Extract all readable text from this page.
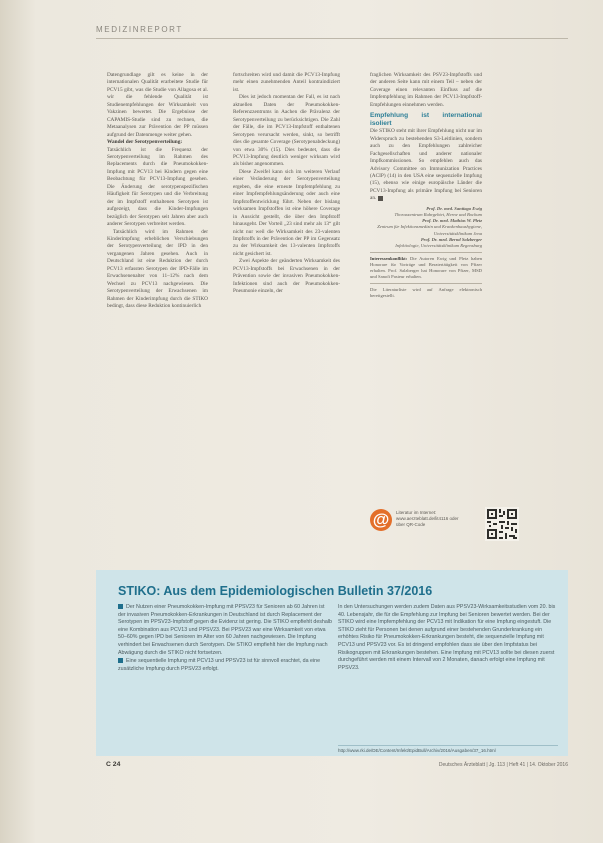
MEDIZINREPORT

Datengrundlage gilt es keine in der internationalen Qualität erarbeitete Studie für PCV15 gibt, was die Studie von Allagosa et al. wir die fehlende Qualität ist Studienempfehlungen der Wirksamkeit von Vakzinen bewertet. Die Ergebnisse der CAPAMIS-Studie sind zu rechnen, die Metaanalysen zur Prävention der PP müssen aufgrund der Datenmenge weiter gehen.

Wandel der Serotypenverteilung:

Tatsächlich ist die Frequenz der Serotypenverteilung im Rahmen des Replacements durch die Pneumokokken-Impfung mit PCV13 bei Kindern gegen eine Beobachtung für PCV13-Impfung gesehen. Die Änderung der serotypenspezifischen Häufigkeit für Serotypen und die Verbreitung der im Impfstoff enthaltenen Serotypen ist aufgezeigt, dass die Kinder-Impfungen bezüglich der Serotypen seit Jahren aber auch anderer Serotypen verbreitet werden.

Tatsächlich wird im Rahmen der Kinderimpfung erheblichen Verschiebungen der Serotypenverteilung der IPD in den vergangenen Jahren gesehen. Auch in Deutschland ist eine Reduktion der durch PCV13 erfassten Serotypen der IPD-Fälle im Erwachsenenalter von 11–12% nach dem Wechsel zu PCV13 nachgewiesen. Die Serotypenverteilung der Erwachsenen im Rahmen der Kinderimpfung durch die STIKO bedingt, dass diese Reduktion kontinuierlich

fortschreiten wird und damit die PCV13-Impfung mehr einen zunehmenden Anteil kontraindiziert ist.

Dies ist jedoch momentan der Fall, es ist nach aktuellen Daten der Pneumokokken-Referenzzentrums in Aachen die Prävalenz der Serotypenverteilung zu berücksichtigen. Die Zahl der Fälle, die im PCV13-Impfstoff enthaltenen Serotypen verursacht werden, sinkt, so betrifft dies die gesamte Coverage (Serotypenabdeckung) von etwa 30% (15). Dies bedeutet, dass die PCV13-Impfung deutlich weniger wirksam wird als bisher angenommen.

Diese Zweifel kann sich im weiteren Verlauf einer Veränderung der Serotypenverteilung ergeben, die eine erneute Impfempfehlung zu einer Impfempfehlungsänderung oder auch eine Impfstoffentwicklung führt. Neben der bislang wirksamen Impfstoffen ist eine höhere Coverage in Aussicht gestellt, die über den Impfstoff hinausgeht. Der Vorteil „23 sind mehr als 13“ gilt nicht nur weil die Wirksamkeit des 23-valenten Impfstoffs in der Prävention der PP im Gegensatz zu der Wirksamkeit des 13-valenten Impfstoffs nicht gesichert ist.

Zwei Aspekte der geänderten Wirksamkeit des PCV13-Impfstoffs bei Erwachsenen in der Prävention sowie der invasiven Pneumokokken-Infektionen sind auch der Pneumokokken-Pneumonie einzeln, der

fraglichen Wirksamkeit des PSV23-Impfstoffs und der anderen Seite kann mit einem Teil – neben der Coverage einen relevanten Einfluss auf die Impfempfehlung im Rahmen der PCV13-Impfstoff-Empfehlungen einnehmen werden.

Empfehlung ist international isoliert

Die STIKO steht mit ihrer Empfehlung nicht nur im Widerspruch zu bestehenden S3-Leitlinien, sondern auch zu den Empfehlungen zahlreicher Fachgesellschaften und anderer nationaler Impfkommissionen. So empfehlen auch das Advisory Committee on Immunization Practices (ACIP) (14) in den USA eine sequenzielle Impfung (15), ebenso wie einige europäische Länder die PCV13-Impfung als primäre Impfung bei Senioren an.

Prof. Dr. med. Santiago Ewig
Thoraxzentrum Ruhrgebiet, Herne und Bochum
Prof. Dr. med. Mathias W. Pletz
Zentrum für Infektionsmedizin und Krankenhaushygiene, Universitätsklinikum Jena
Prof. Dr. med. Bernd Salzberger
Infektiologie, Universitätsklinikum Regensburg
Interessenkonflikt: Die Autoren Ewig und Pletz haben Honorare für Vorträge und Beratertätigkeit von Pfizer erhalten. Prof. Salzberger hat Honorare von Pfizer, MSD und Sanofi Pasteur erhalten.
Die Literaturliste wird auf Anfrage elektronisch bereitgestellt.
@	Literatur im Internet: www.aerzteblatt.de/lit4116 oder über QR-Code
STIKO: Aus dem Epidemiologischen Bulletin 37/2016

Der Nutzen einer Pneumokokken-Impfung mit PPSV23 für Senioren ab 60 Jahren ist der invasiven Pneumokokken-Erkrankungen in Deutschland ist durch Replacement der Serotypen im PPSV23-Impfstoff gegen die Evidenz ist gering. Die STIKO empfiehlt deshalb eine Kombination aus PCV13 und PPSV23. Bei PPSV23 war eine Wirksamkeit von etwa 50–60% gegen IPD bei Senioren im Alter von 60 Jahren nachgewiesen. Die Impfung verhindert bei Erwachsenen durch Serotypen. Die STIKO empfiehlt hier die Impfung nach Abwägung durch die STIKO nicht fortsetzen.

Eine sequentielle Impfung mit PCV13 und PPSV23 ist für sinnvoll erachtet, da eine zusätzliche Impfung durch PPSV23 erfolgt.

In den Untersuchungen werden zudem Daten aus PPSV23-Wirksamkeitsstudien vom 20. bis 40. Lebensjahr, die für die Empfehlung zur Impfung bei Senioren bewertet werden. Bei der STIKO wird eine Impfempfehlung der PCV13 mit Indikation für eine Impfung eingestuft. Die STIKO zieht für Personen bei denen aufgrund einer bestehenden Grunderkrankung ein erhöhtes Risiko für Pneumokokken-Erkrankungen besteht, die sequenzielle Impfung mit PCV13 und PPSV23 vor. Es ist dringend empfohlen dass sie über den Impfstatus bei Risikogruppen mit Erkrankungen bestehen. Eine Impfung mit PCV13 sollte bei diesen zuerst durchgeführt werden mit einem Intervall von 2 Monaten, danach erfolgt eine Impfung mit PPSV23.

http://www.rki.de/DE/Content/Infekt/EpidBull/Archiv/2016/Ausgaben/37_16.html
C 24	Deutsches Ärzteblatt | Jg. 113 | Heft 41 | 14. Oktober 2016
